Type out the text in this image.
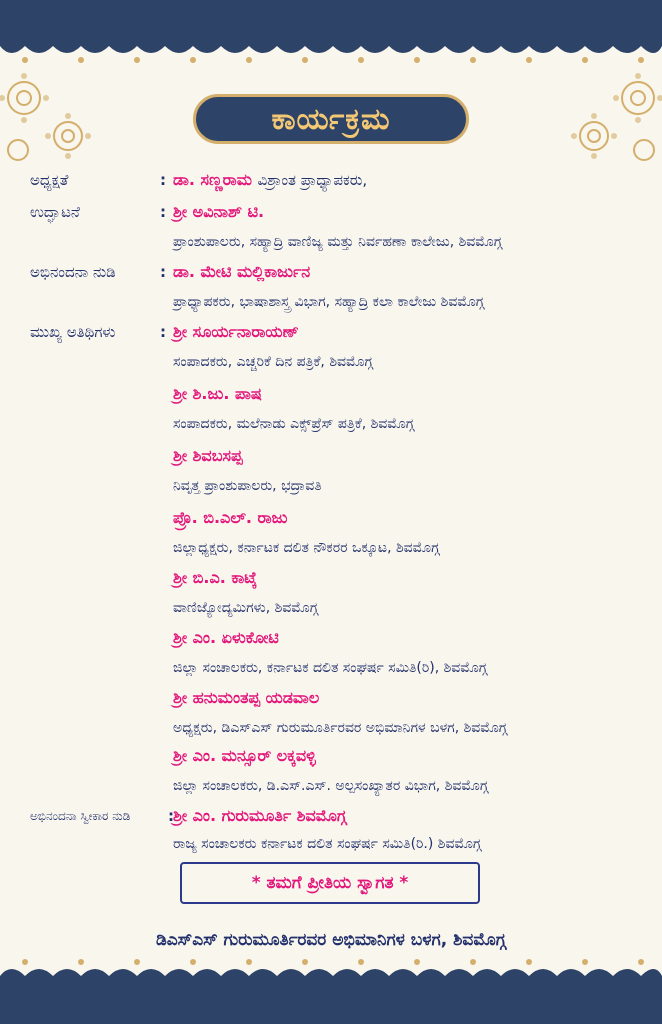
ಕಾರ್ಯಕ್ರಮ
ಅಧ್ಯಕ್ಷತೆ	: ಡಾ. ಸಣ್ಣರಾಮ ವಿಶ್ರಾಂತ ಪ್ರಾಧ್ಯಾಪಕರು,
ಉದ್ಘಾಟನೆ	: ಶ್ರೀ ಅವಿನಾಶ್ ಟಿ.
ಪ್ರಾಂಶುಪಾಲರು, ಸಹ್ಯಾದ್ರಿ ವಾಣಿಜ್ಯ ಮತ್ತು ನಿರ್ವಹಣಾ ಕಾಲೇಜು, ಶಿವಮೊಗ್ಗ
ಅಭಿನಂದನಾ ನುಡಿ	: ಡಾ. ಮೇಟಿ ಮಲ್ಲಿಕಾರ್ಜುನ
ಪ್ರಾಧ್ಯಾಪಕರು, ಭಾಷಾಶಾಸ್ತ್ರ ವಿಭಾಗ, ಸಹ್ಯಾದ್ರಿ ಕಲಾ ಕಾಲೇಜು ಶಿವಮೊಗ್ಗ
ಮುಖ್ಯ ಅತಿಥಿಗಳು	: ಶ್ರೀ ಸೂರ್ಯನಾರಾಯಣ್
ಸಂಪಾದಕರು, ಎಚ್ಚರಿಕೆ ದಿನ ಪತ್ರಿಕೆ, ಶಿವಮೊಗ್ಗ
ಶ್ರೀ ಶಿ.ಜು. ಪಾಷ
ಸಂಪಾದಕರು, ಮಲೆನಾಡು ಎಕ್ಸ್‌ಪ್ರೆಸ್ ಪತ್ರಿಕೆ, ಶಿವಮೊಗ್ಗ
ಶ್ರೀ ಶಿವಬಸಪ್ಪ
ನಿವೃತ್ತ ಪ್ರಾಂಶುಪಾಲರು, ಭದ್ರಾವತಿ
ಪ್ರೊ. ಬಿ.ಎಲ್. ರಾಜು
ಜಿಲ್ಲಾಧ್ಯಕ್ಷರು, ಕರ್ನಾಟಕ ದಲಿತ ನೌಕರರ ಒಕ್ಕೂಟ, ಶಿವಮೊಗ್ಗ
ಶ್ರೀ ಬಿ.ಎ. ಕಾಟ್ಕೆ
ವಾಣಿಜ್ಯೋದ್ಯಮಿಗಳು, ಶಿವಮೊಗ್ಗ
ಶ್ರೀ ಎಂ. ಏಳುಕೋಟಿ
ಜಿಲ್ಲಾ ಸಂಚಾಲಕರು, ಕರ್ನಾಟಕ ದಲಿತ ಸಂಘರ್ಷ ಸಮಿತಿ(ರಿ), ಶಿವಮೊಗ್ಗ
ಶ್ರೀ ಹನುಮಂತಪ್ಪ ಯಡವಾಲ
ಅಧ್ಯಕ್ಷರು, ಡಿಎಸ್‌ಎಸ್ ಗುರುಮೂರ್ತಿರವರ ಅಭಿಮಾನಿಗಳ ಬಳಗ, ಶಿವಮೊಗ್ಗ
ಶ್ರೀ ಎಂ. ಮನ್ಸೂರ್ ಲಕ್ಕವಳ್ಳಿ
ಜಿಲ್ಲಾ ಸಂಚಾಲಕರು, ಡಿ.ಎಸ್.ಎಸ್. ಅಲ್ಪಸಂಖ್ಯಾತರ ವಿಭಾಗ, ಶಿವಮೊಗ್ಗ
ಅಭಿನಂದನಾ ಸ್ವೀಕಾರ ನುಡಿ	: ಶ್ರೀ ಎಂ. ಗುರುಮೂರ್ತಿ ಶಿವಮೊಗ್ಗ
ರಾಜ್ಯ ಸಂಚಾಲಕರು ಕರ್ನಾಟಕ ದಲಿತ ಸಂಘರ್ಷ ಸಮಿತಿ(ರಿ.) ಶಿವಮೊಗ್ಗ
* ತಮಗೆ ಪ್ರೀತಿಯ ಸ್ವಾಗತ *
ಡಿಎಸ್‌ಎಸ್ ಗುರುಮೂರ್ತಿರವರ ಅಭಿಮಾನಿಗಳ ಬಳಗ, ಶಿವಮೊಗ್ಗ
